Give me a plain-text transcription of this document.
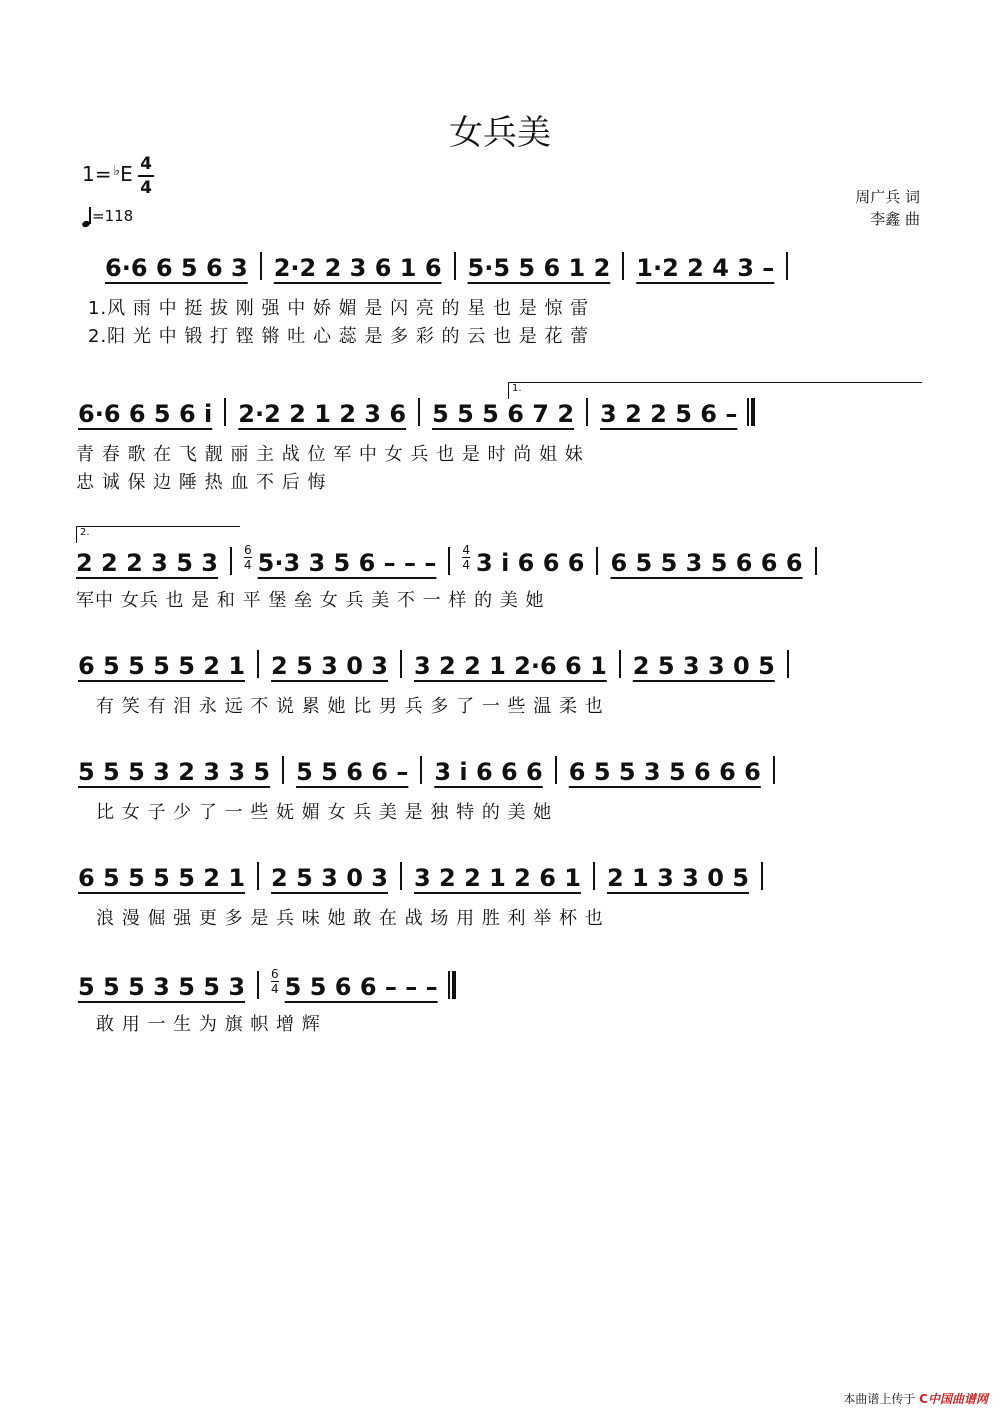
女兵美
1= ♭E 4
4
=118
周广兵 词
李鑫 曲
6·6 6 5 6 3 2·2 2 3 6 1 6 5·5 5 6 1 2 1·2 2 4 3 –
1.风 雨 中 挺 拔 刚 强 中 娇 媚 是 闪 亮 的 星 也 是 惊 雷
2.阳 光 中 锻 打 铿 锵 吐 心 蕊 是 多 彩 的 云 也 是 花 蕾
1.
6·6 6 5 6 i 2·2 2 1 2 3 6 5 5 5 6 7 2 3 2 2 5 6 –
青 春 歌 在 飞 靓 丽 主 战 位 军 中 女 兵 也 是 时 尚 姐 妹
忠 诚 保 边 陲 热 血 不 后 悔
2.
2 2 2 3 5 $3 \frac{6}{4} 5\cdot 3$ 3 5 6 – – – $\frac{4}{4} 3$ i 6 6 6 6 5 5 3 5 6 6 6
军中 女兵 也 是 和 平 堡 垒 女 兵 美 不 一 样 的 美 她
6 5 5 5 5 2 1 2 5 3 0 3 3 2 2 1 2·6 6 1 2 5 3 3 0 5
有 笑 有 泪 永 远 不 说 累 她 比 男 兵 多 了 一 些 温 柔 也
5 5 5 3 2 3 3 5 5 5 6 6 – 3 i 6 6 6 6 5 5 3 5 6 6 6
比 女 子 少 了 一 些 妩 媚 女 兵 美 是 独 特 的 美 她
6 5 5 5 5 2 1 2 5 3 0 3 3 2 2 1 2 6 1 2 1 3 3 0 5
浪 漫 倔 强 更 多 是 兵 味 她 敢 在 战 场 用 胜 利 举 杯 也
5 5 5 3 5 5 $3 \frac{6}{4} 5$ 5 6 6 – – –
敢 用 一 生 为 旗 帜 增 辉
本曲谱上传于 C中国曲谱网
